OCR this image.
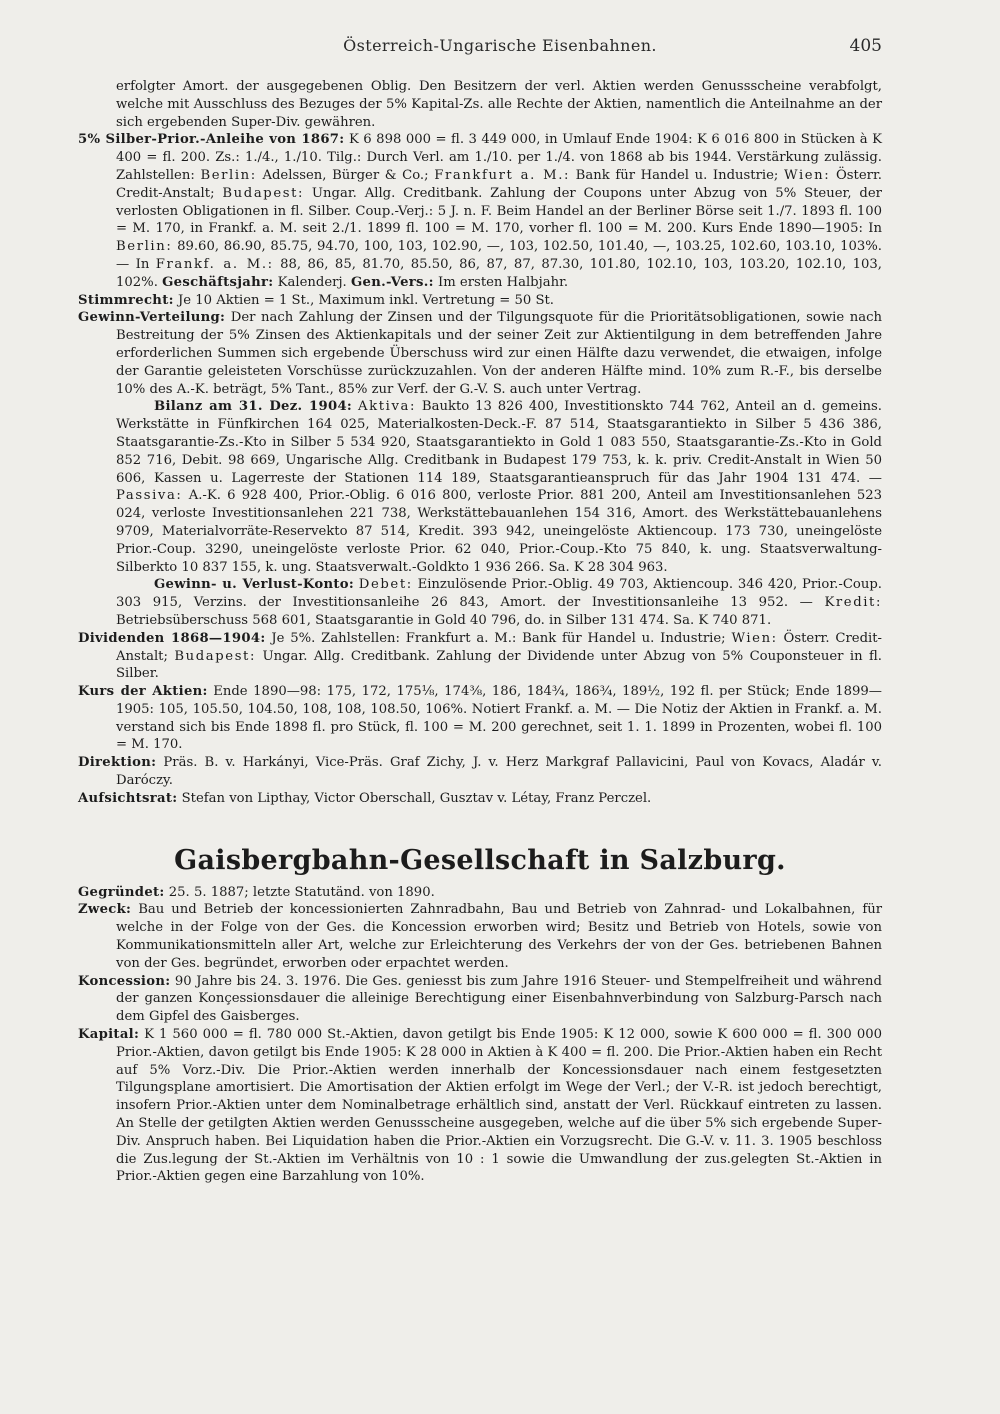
Österreich-Ungarische Eisenbahnen.	405

erfolgter Amort. der ausgegebenen Oblig. Den Besitzern der verl. Aktien werden Genussscheine verabfolgt, welche mit Ausschluss des Bezuges der 5% Kapital-Zs. alle Rechte der Aktien, namentlich die Anteilnahme an der sich ergebenden Super-Div. gewähren.

5% Silber-Prior.-Anleihe von 1867: K 6 898 000 = fl. 3 449 000, in Umlauf Ende 1904: K 6 016 800 in Stücken à K 400 = fl. 200. Zs.: 1./4., 1./10. Tilg.: Durch Verl. am 1./10. per 1./4. von 1868 ab bis 1944. Verstärkung zulässig. Zahlstellen: Berlin: Adelssen, Bürger & Co.; Frankfurt a. M.: Bank für Handel u. Industrie; Wien: Österr. Credit-Anstalt; Budapest: Ungar. Allg. Creditbank. Zahlung der Coupons unter Abzug von 5% Steuer, der verlosten Obligationen in fl. Silber. Coup.-Verj.: 5 J. n. F. Beim Handel an der Berliner Börse seit 1./7. 1893 fl. 100 = M. 170, in Frankf. a. M. seit 2./1. 1899 fl. 100 = M. 170, vorher fl. 100 = M. 200. Kurs Ende 1890—1905: In Berlin: 89.60, 86.90, 85.75, 94.70, 100, 103, 102.90, —, 103, 102.50, 101.40, —, 103.25, 102.60, 103.10, 103%. — In Frankf. a. M.: 88, 86, 85, 81.70, 85.50, 86, 87, 87, 87.30, 101.80, 102.10, 103, 103.20, 102.10, 103, 102%. Geschäftsjahr: Kalenderj. Gen.-Vers.: Im ersten Halbjahr.

Stimmrecht: Je 10 Aktien = 1 St., Maximum inkl. Vertretung = 50 St.

Gewinn-Verteilung: Der nach Zahlung der Zinsen und der Tilgungsquote für die Prioritätsobligationen, sowie nach Bestreitung der 5% Zinsen des Aktienkapitals und der seiner Zeit zur Aktientilgung in dem betreffenden Jahre erforderlichen Summen sich ergebende Überschuss wird zur einen Hälfte dazu verwendet, die etwaigen, infolge der Garantie geleisteten Vorschüsse zurückzuzahlen. Von der anderen Hälfte mind. 10% zum R.-F., bis derselbe 10% des A.-K. beträgt, 5% Tant., 85% zur Verf. der G.-V. S. auch unter Vertrag.

Bilanz am 31. Dez. 1904: Aktiva: Baukto 13 826 400, Investitionskto 744 762, Anteil an d. gemeins. Werkstätte in Fünfkirchen 164 025, Materialkosten-Deck.-F. 87 514, Staatsgarantiekto in Silber 5 436 386, Staatsgarantie-Zs.-Kto in Silber 5 534 920, Staatsgarantiekto in Gold 1 083 550, Staatsgarantie-Zs.-Kto in Gold 852 716, Debit. 98 669, Ungarische Allg. Creditbank in Budapest 179 753, k. k. priv. Credit-Anstalt in Wien 50 606, Kassen u. Lagerreste der Stationen 114 189, Staatsgarantieanspruch für das Jahr 1904 131 474. — Passiva: A.-K. 6 928 400, Prior.-Oblig. 6 016 800, verloste Prior. 881 200, Anteil am Investitionsanlehen 523 024, verloste Investitionsanlehen 221 738, Werkstättebauanlehen 154 316, Amort. des Werkstättebauanlehens 9709, Materialvorräte-Reservekto 87 514, Kredit. 393 942, uneingelöste Aktiencoup. 173 730, uneingelöste Prior.-Coup. 3290, uneingelöste verloste Prior. 62 040, Prior.-Coup.-Kto 75 840, k. ung. Staatsverwaltung-Silberkto 10 837 155, k. ung. Staatsverwalt.-Goldkto 1 936 266. Sa. K 28 304 963.

Gewinn- u. Verlust-Konto: Debet: Einzulösende Prior.-Oblig. 49 703, Aktiencoup. 346 420, Prior.-Coup. 303 915, Verzins. der Investitionsanleihe 26 843, Amort. der Investitionsanleihe 13 952. — Kredit: Betriebsüberschuss 568 601, Staatsgarantie in Gold 40 796, do. in Silber 131 474. Sa. K 740 871.

Dividenden 1868—1904: Je 5%. Zahlstellen: Frankfurt a. M.: Bank für Handel u. Industrie; Wien: Österr. Credit-Anstalt; Budapest: Ungar. Allg. Creditbank. Zahlung der Dividende unter Abzug von 5% Couponsteuer in fl. Silber.

Kurs der Aktien: Ende 1890—98: 175, 172, 175⅛, 174⅜, 186, 184¾, 186¾, 189½, 192 fl. per Stück; Ende 1899—1905: 105, 105.50, 104.50, 108, 108, 108.50, 106%. Notiert Frankf. a. M. — Die Notiz der Aktien in Frankf. a. M. verstand sich bis Ende 1898 fl. pro Stück, fl. 100 = M. 200 gerechnet, seit 1. 1. 1899 in Prozenten, wobei fl. 100 = M. 170.

Direktion: Präs. B. v. Harkányi, Vice-Präs. Graf Zichy, J. v. Herz Markgraf Pallavicini, Paul von Kovacs, Aladár v. Daróczy.

Aufsichtsrat: Stefan von Lipthay, Victor Oberschall, Gusztav v. Létay, Franz Perczel.

Gaisbergbahn-Gesellschaft in Salzburg.

Gegründet: 25. 5. 1887; letzte Statutänd. von 1890.

Zweck: Bau und Betrieb der koncessionierten Zahnradbahn, Bau und Betrieb von Zahnrad- und Lokalbahnen, für welche in der Folge von der Ges. die Koncession erworben wird; Besitz und Betrieb von Hotels, sowie von Kommunikationsmitteln aller Art, welche zur Erleichterung des Verkehrs der von der Ges. betriebenen Bahnen von der Ges. begründet, erworben oder erpachtet werden.

Koncession: 90 Jahre bis 24. 3. 1976. Die Ges. geniesst bis zum Jahre 1916 Steuer- und Stempelfreiheit und während der ganzen Konçessionsdauer die alleinige Berechtigung einer Eisenbahnverbindung von Salzburg-Parsch nach dem Gipfel des Gaisberges.

Kapital: K 1 560 000 = fl. 780 000 St.-Aktien, davon getilgt bis Ende 1905: K 12 000, sowie K 600 000 = fl. 300 000 Prior.-Aktien, davon getilgt bis Ende 1905: K 28 000 in Aktien à K 400 = fl. 200. Die Prior.-Aktien haben ein Recht auf 5% Vorz.-Div. Die Prior.-Aktien werden innerhalb der Koncessionsdauer nach einem festgesetzten Tilgungsplane amortisiert. Die Amortisation der Aktien erfolgt im Wege der Verl.; der V.-R. ist jedoch berechtigt, insofern Prior.-Aktien unter dem Nominalbetrage erhältlich sind, anstatt der Verl. Rückkauf eintreten zu lassen. An Stelle der getilgten Aktien werden Genussscheine ausgegeben, welche auf die über 5% sich ergebende Super-Div. Anspruch haben. Bei Liquidation haben die Prior.-Aktien ein Vorzugsrecht. Die G.-V. v. 11. 3. 1905 beschloss die Zus.legung der St.-Aktien im Verhältnis von 10 : 1 sowie die Umwandlung der zus.gelegten St.-Aktien in Prior.-Aktien gegen eine Barzahlung von 10%.
